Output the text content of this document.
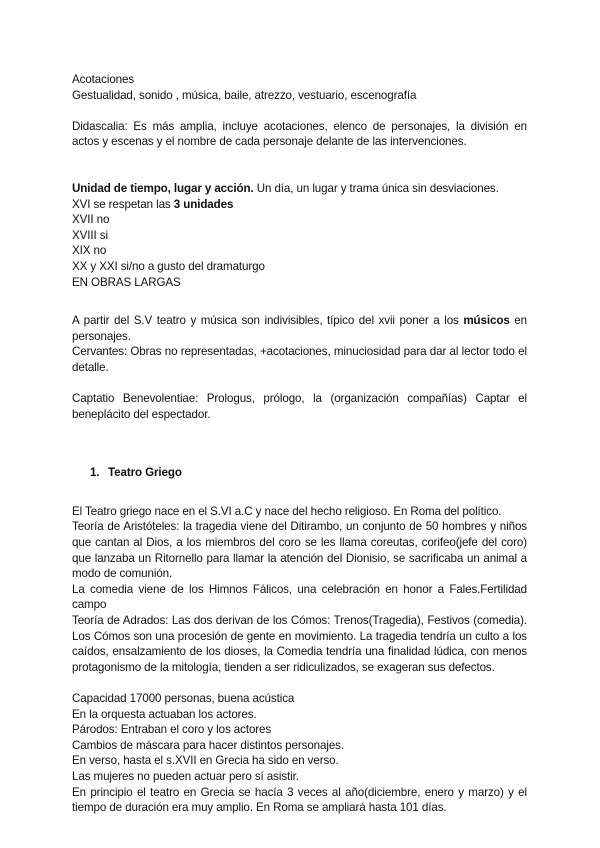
Acotaciones

Gestualidad, sonido , música, baile, atrezzo, vestuario, escenografía

Didascalia: Es más amplia, incluye acotaciones, elenco de personajes, la división en actos y escenas y el nombre de cada personaje delante de las intervenciones.

Unidad de tiempo, lugar y acción. Un día, un lugar y trama única sin desviaciones.

XVI se respetan las 3 unidades

XVII no

XVIII si

XIX no

XX y XXI si/no a gusto del dramaturgo

EN OBRAS LARGAS

A partir del S.V teatro y música son indivisibles, típico del xvii poner a los músicos en personajes.

Cervantes: Obras no representadas, +acotaciones, minuciosidad para dar al lector todo el detalle.

Captatio Benevolentiae: Prologus, prólogo, la (organización compañías) Captar el beneplácito del espectador.

1. Teatro Griego

El Teatro griego nace en el S.VI a.C y nace del hecho religioso. En Roma del político.

Teoría de Aristóteles: la tragedia viene del Ditirambo, un conjunto de 50 hombres y niños que cantan al Dios, a los miembros del coro se les llama coreutas, corifeo(jefe del coro) que lanzaba un Ritornello para llamar la atención del Dionisio, se sacrificaba un animal a modo de comunión.

La comedia viene de los Himnos Fálicos, una celebración en honor a Fales.Fertilidad campo

Teoría de Adrados: Las dos derivan de los Cómos: Trenos(Tragedia), Festivos (comedia). Los Cómos son una procesión de gente en movimiento. La tragedia tendría un culto a los caídos, ensalzamiento de los dioses, la Comedia tendría una finalidad lúdica, con menos protagonismo de la mitología, tienden a ser ridiculizados, se exageran sus defectos.

Capacidad 17000 personas, buena acústica

En la orquesta actuaban los actores.

Párodos: Entraban el coro y los actores

Cambios de máscara para hacer distintos personajes.

En verso, hasta el s.XVII en Grecia ha sido en verso.

Las mujeres no pueden actuar pero sí asistir.

En principio el teatro en Grecia se hacía 3 veces al año(diciembre, enero y marzo) y el tiempo de duración era muy amplio. En Roma se ampliará hasta 101 días.
